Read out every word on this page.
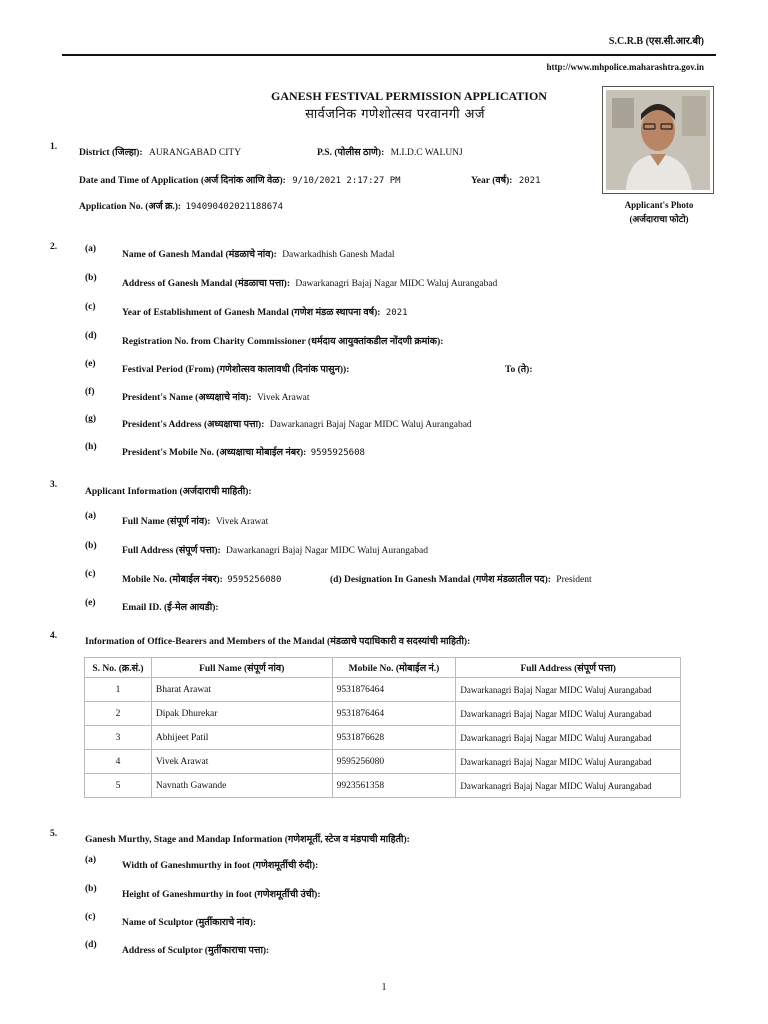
S.C.R.B (एस.सी.आर.बी)
http://www.mhpolice.maharashtra.gov.in
GANESH FESTIVAL PERMISSION APPLICATION
सार्वजनिक गणेशोत्सव परवानगी अर्ज
Applicant's Photo
(अर्जदाराचा फोटो)
1.
District (जिल्हा): AURANGABAD CITY	P.S. (पोलीस ठाणे): M.I.D.C WALUNJ
Date and Time of Application (अर्ज दिनांक आणि वेळ): 9/10/2021 2:17:27 PM	Year (वर्ष): 2021
Application No. (अर्ज क्र.): 194090402021188674
2.	(a)
Name of Ganesh Mandal (मंडळाचे नांव): Dawarkadhish Ganesh Madal
(b)
Address of Ganesh Mandal (मंडळाचा पत्ता): Dawarkanagri Bajaj Nagar MIDC Waluj Aurangabad
(c)
Year of Establishment of Ganesh Mandal (गणेश मंडळ स्थापना वर्ष): 2021
(d)
Registration No. from Charity Commissioner (धर्मदाय आयुक्तांकडील नोंदणी क्रमांक):
(e)
Festival Period (From) (गणेशोत्सव कालावधी (दिनांक पासुन)):	To (ते):
(f)
President's Name (अध्यक्षाचे नांव): Vivek Arawat
(g)
President's Address (अध्यक्षाचा पत्ता): Dawarkanagri Bajaj Nagar MIDC Waluj Aurangabad
(h)
President's Mobile No. (अध्यक्षाचा मोबाईल नंबर): 9595925608
3.
Applicant Information (अर्जदाराची माहिती):
(a)
Full Name (संपूर्ण नांव): Vivek Arawat
(b)	Full Address (संपूर्ण पत्ता): Dawarkanagri Bajaj Nagar MIDC Waluj Aurangabad
(c)
Mobile No. (मोबाईल नंबर): 9595256080	(d) Designation In Ganesh Mandal (गणेश मंडळातील पद): President
(e)	Email ID. (ई-मेल आयडी):
4.
Information of Office-Bearers and Members of the Mandal (मंडळाचे पदाधिकारी व सदस्यांची माहिती):
S. No. (क्र.सं.)	Full Name (संपूर्ण नांव)	Mobile No. (मोबाईल नं.)	Full Address (संपूर्ण पत्ता)
1	Bharat Arawat	9531876464	Dawarkanagri Bajaj Nagar MIDC Waluj Aurangabad
2	Dipak Dhurekar	9531876464	Dawarkanagri Bajaj Nagar MIDC Waluj Aurangabad
3	Abhijeet Patil	9531876628	Dawarkanagri Bajaj Nagar MIDC Waluj Aurangabad
4	Vivek Arawat	9595256080	Dawarkanagri Bajaj Nagar MIDC Waluj Aurangabad
5	Navnath Gawande	9923561358	Dawarkanagri Bajaj Nagar MIDC Waluj Aurangabad
5.
Ganesh Murthy, Stage and Mandap Information (गणेशमूर्ती, स्टेज व मंडपाची माहिती):
(a)
Width of Ganeshmurthy in foot (गणेशमूर्तीची रुंदी):
(b)
Height of Ganeshmurthy in foot (गणेशमूर्तीची उंची):
(c)
Name of Sculptor (मुर्तीकाराचे नांव):
(d)
Address of Sculptor (मुर्तीकाराचा पत्ता):
1
